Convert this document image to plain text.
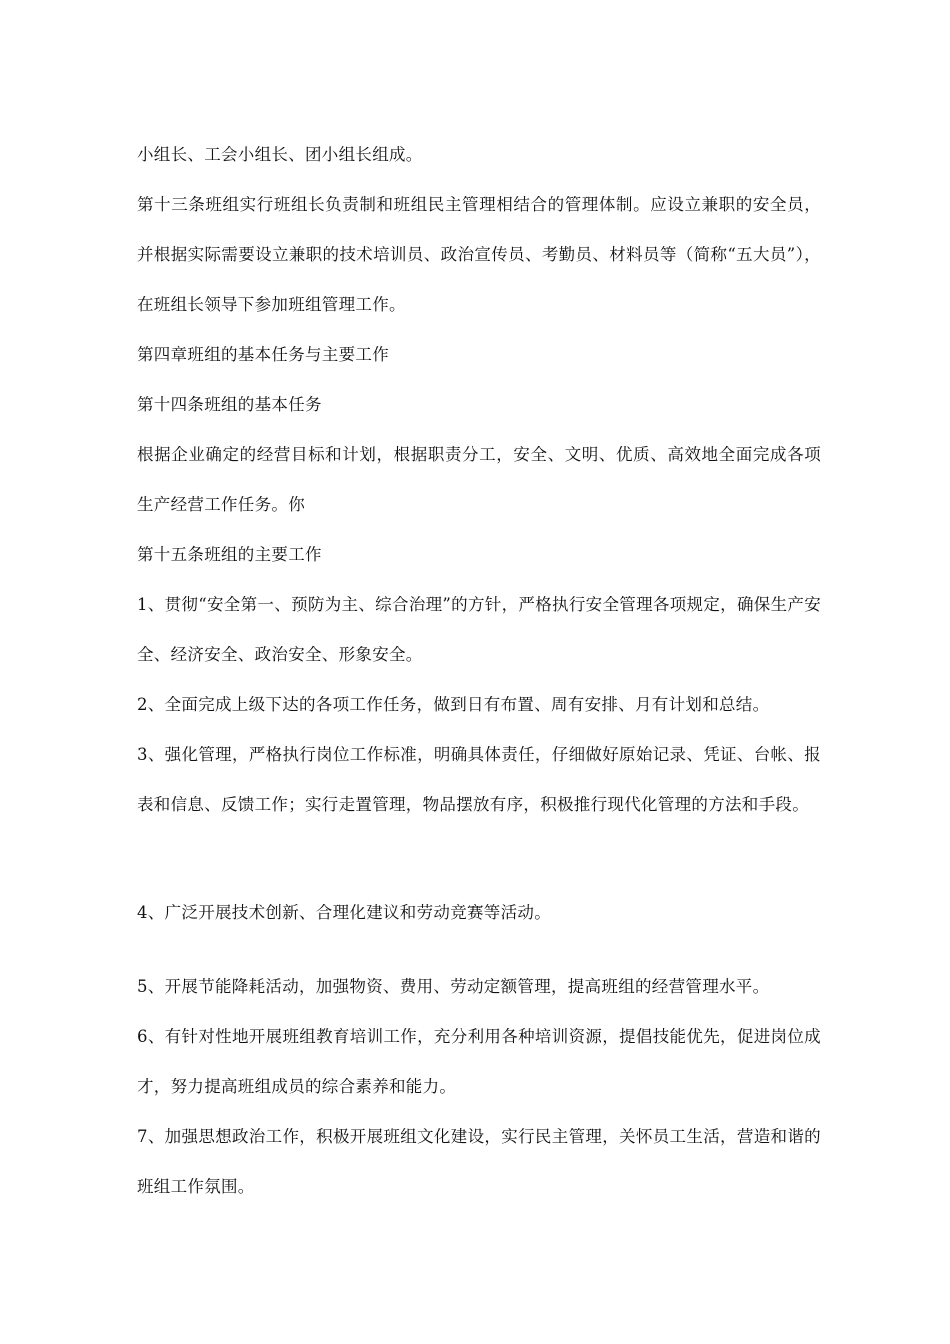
小组长、工会小组长、团小组长组成。

第十三条班组实行班组长负责制和班组民主管理相结合的管理体制。应设立兼职的安全员，并根据实际需要设立兼职的技术培训员、政治宣传员、考勤员、材料员等（简称“五大员”），在班组长领导下参加班组管理工作。

第四章班组的基本任务与主要工作

第十四条班组的基本任务

根据企业确定的经营目标和计划，根据职责分工，安全、文明、优质、高效地全面完成各项生产经营工作任务。你

第十五条班组的主要工作

1、贯彻“安全第一、预防为主、综合治理”的方针，严格执行安全管理各项规定，确保生产安全、经济安全、政治安全、形象安全。

2、全面完成上级下达的各项工作任务，做到日有布置、周有安排、月有计划和总结。

3、强化管理，严格执行岗位工作标准，明确具体责任，仔细做好原始记录、凭证、台帐、报表和信息、反馈工作；实行走置管理，物品摆放有序，积极推行现代化管理的方法和手段。

4、广泛开展技术创新、合理化建议和劳动竞赛等活动。

5、开展节能降耗活动，加强物资、费用、劳动定额管理，提高班组的经营管理水平。

6、有针对性地开展班组教育培训工作，充分利用各种培训资源，提倡技能优先，促进岗位成才，努力提高班组成员的综合素养和能力。

7、加强思想政治工作，积极开展班组文化建设，实行民主管理，关怀员工生活，营造和谐的班组工作氛围。
